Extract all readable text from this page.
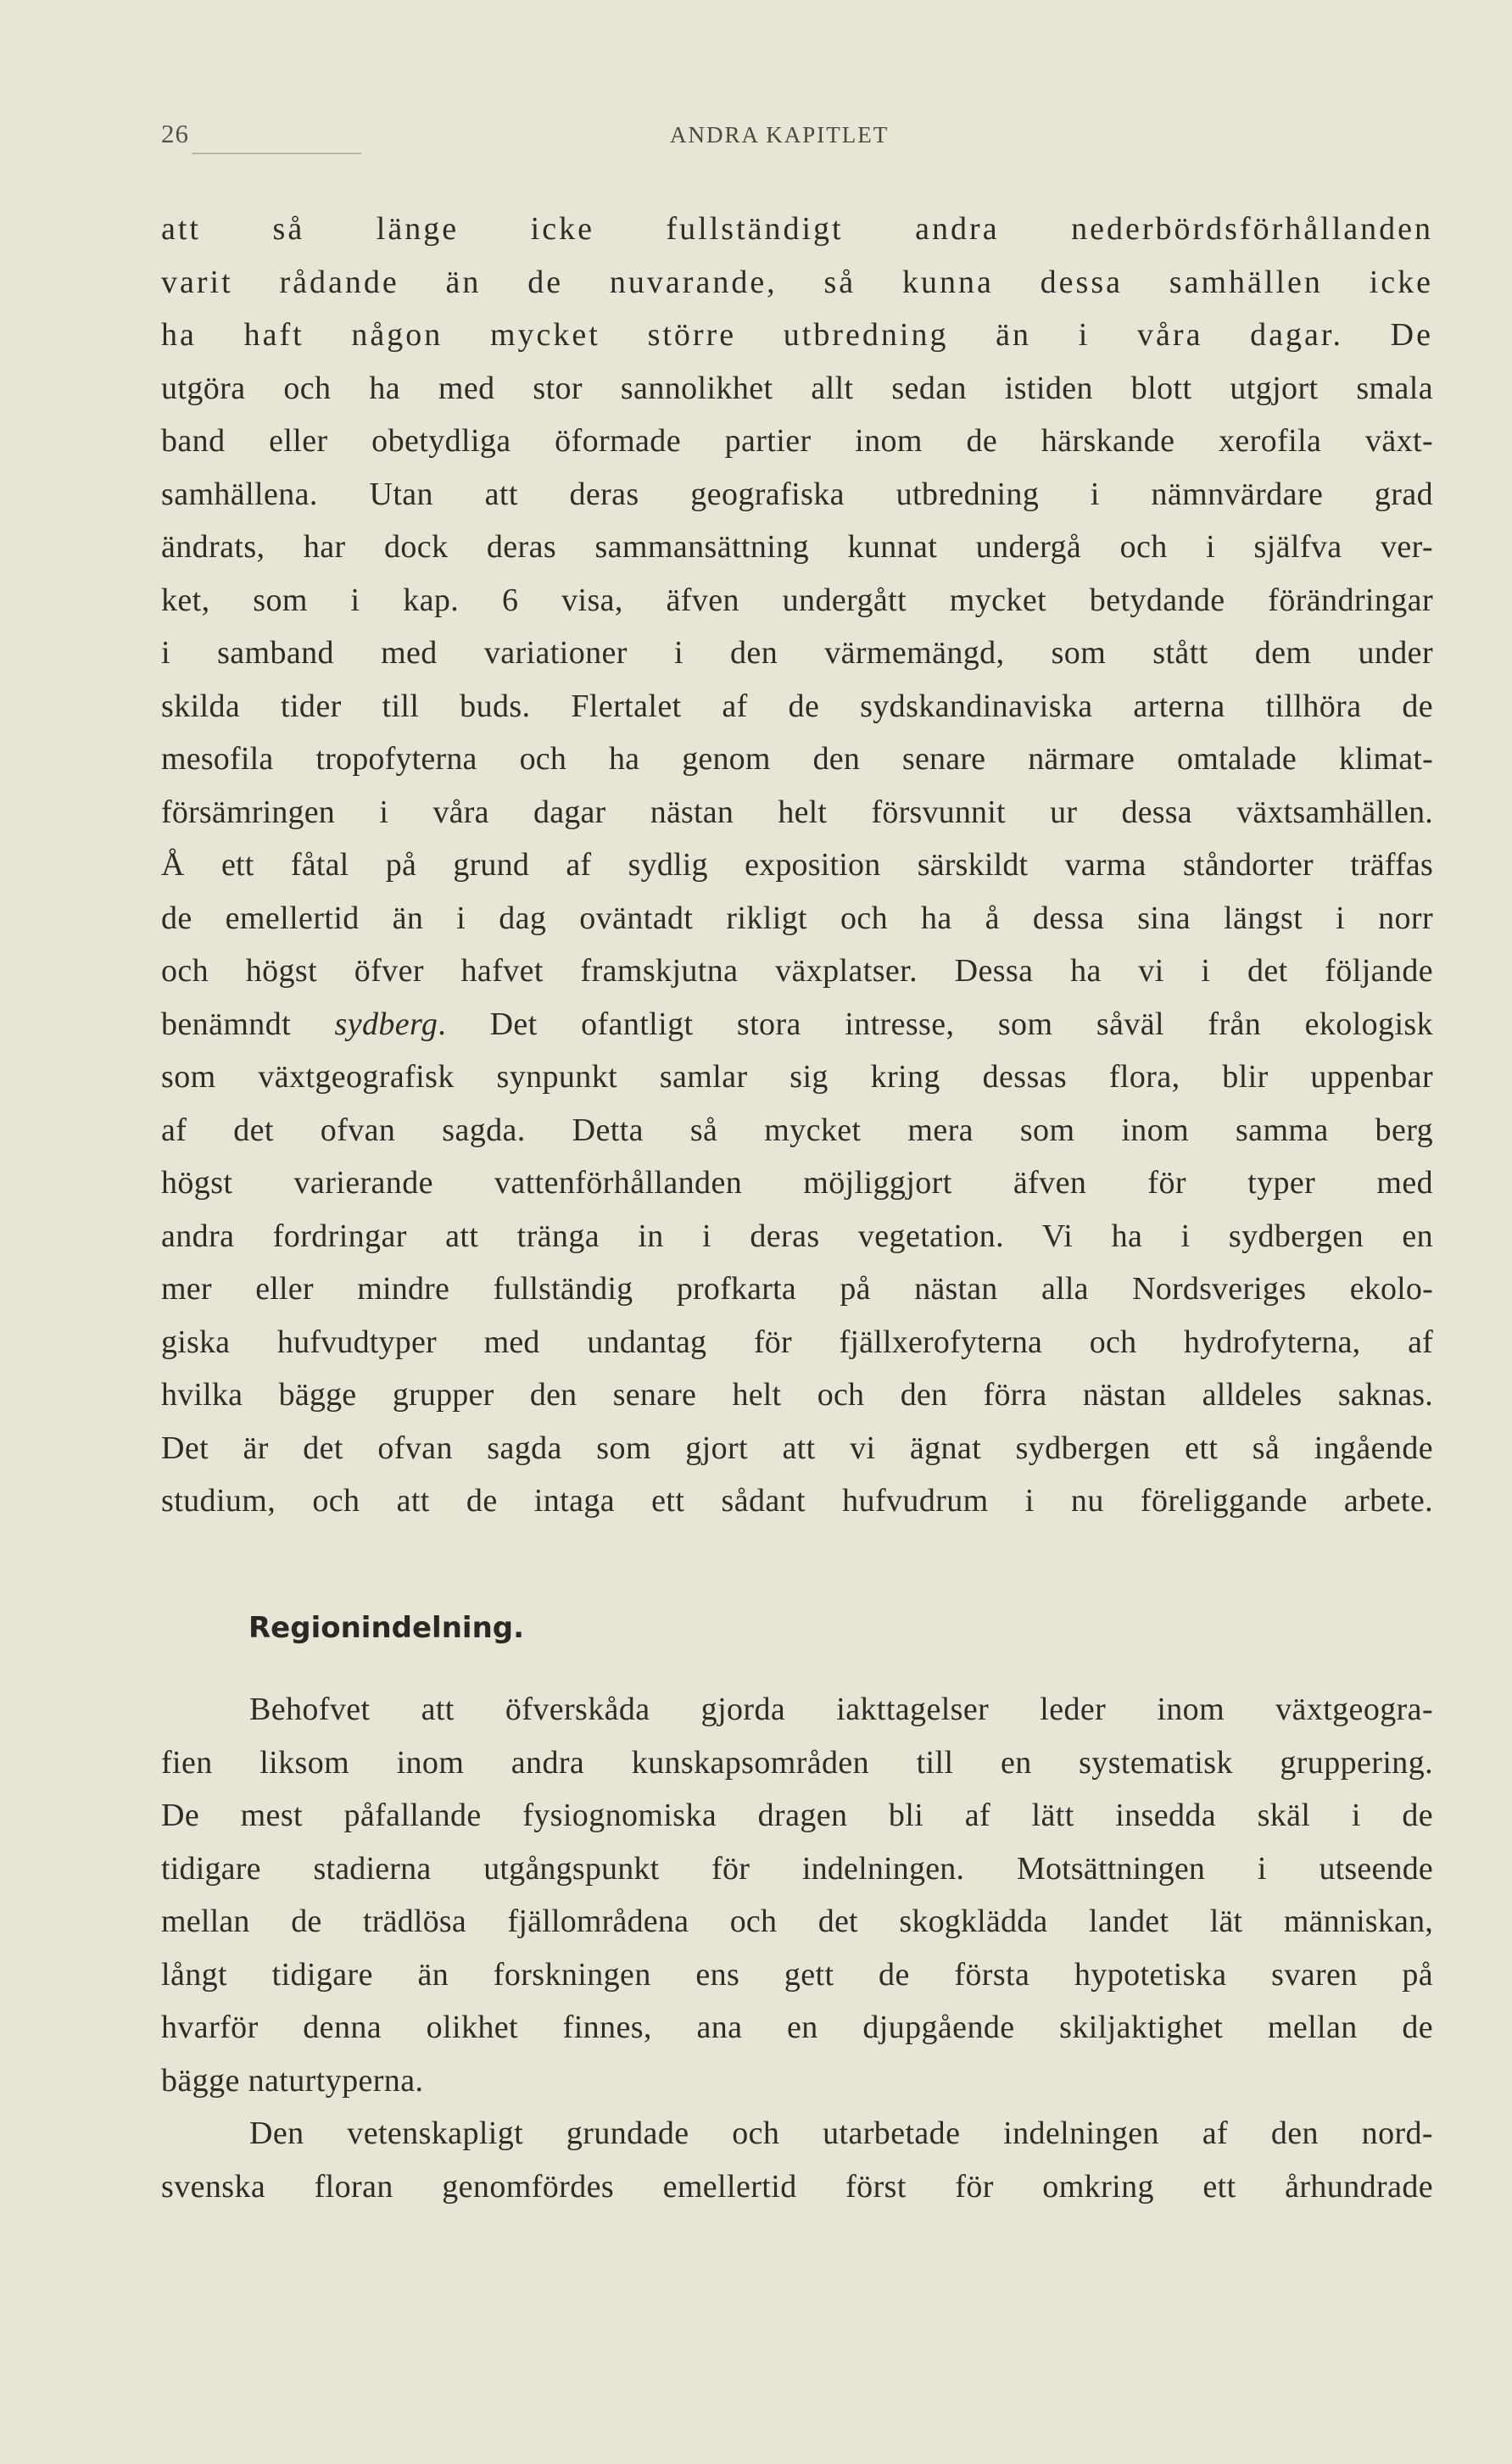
26	ANDRA KAPITLET
att så länge icke fullständigt andra nederbördsförhållanden
varit rådande än de nuvarande, så kunna dessa samhällen icke
ha haft någon mycket större utbredning än i våra dagar. De
utgöra och ha med stor sannolikhet allt sedan istiden blott utgjort smala
band eller obetydliga öformade partier inom de härskande xerofila växt-
samhällena. Utan att deras geografiska utbredning i nämnvärdare grad
ändrats, har dock deras sammansättning kunnat undergå och i själfva ver-
ket, som i kap. 6 visa, äfven undergått mycket betydande förändringar
i samband med variationer i den värmemängd, som stått dem under
skilda tider till buds. Flertalet af de sydskandinaviska arterna tillhöra de
mesofila tropofyterna och ha genom den senare närmare omtalade klimat-
försämringen i våra dagar nästan helt försvunnit ur dessa växtsamhällen.
Å ett fåtal på grund af sydlig exposition särskildt varma ståndorter träffas
de emellertid än i dag oväntadt rikligt och ha å dessa sina längst i norr
och högst öfver hafvet framskjutna växplatser. Dessa ha vi i det följande
benämndt sydberg. Det ofantligt stora intresse, som såväl från ekologisk
som växtgeografisk synpunkt samlar sig kring dessas flora, blir uppenbar
af det ofvan sagda. Detta så mycket mera som inom samma berg
högst varierande vattenförhållanden möjliggjort äfven för typer med
andra fordringar att tränga in i deras vegetation. Vi ha i sydbergen en
mer eller mindre fullständig profkarta på nästan alla Nordsveriges ekolo-
giska hufvudtyper med undantag för fjällxerofyterna och hydrofyterna, af
hvilka bägge grupper den senare helt och den förra nästan alldeles saknas.
Det är det ofvan sagda som gjort att vi ägnat sydbergen ett så ingående
studium, och att de intaga ett sådant hufvudrum i nu föreliggande arbete.
Regionindelning.
Behofvet att öfverskåda gjorda iakttagelser leder inom växtgeogra-
fien liksom inom andra kunskapsområden till en systematisk gruppering.
De mest påfallande fysiognomiska dragen bli af lätt insedda skäl i de
tidigare stadierna utgångspunkt för indelningen. Motsättningen i utseende
mellan de trädlösa fjällområdena och det skogklädda landet lät människan,
långt tidigare än forskningen ens gett de första hypotetiska svaren på
hvarför denna olikhet finnes, ana en djupgående skiljaktighet mellan de
bägge naturtyperna.
Den vetenskapligt grundade och utarbetade indelningen af den nord-
svenska floran genomfördes emellertid först för omkring ett århundrade
